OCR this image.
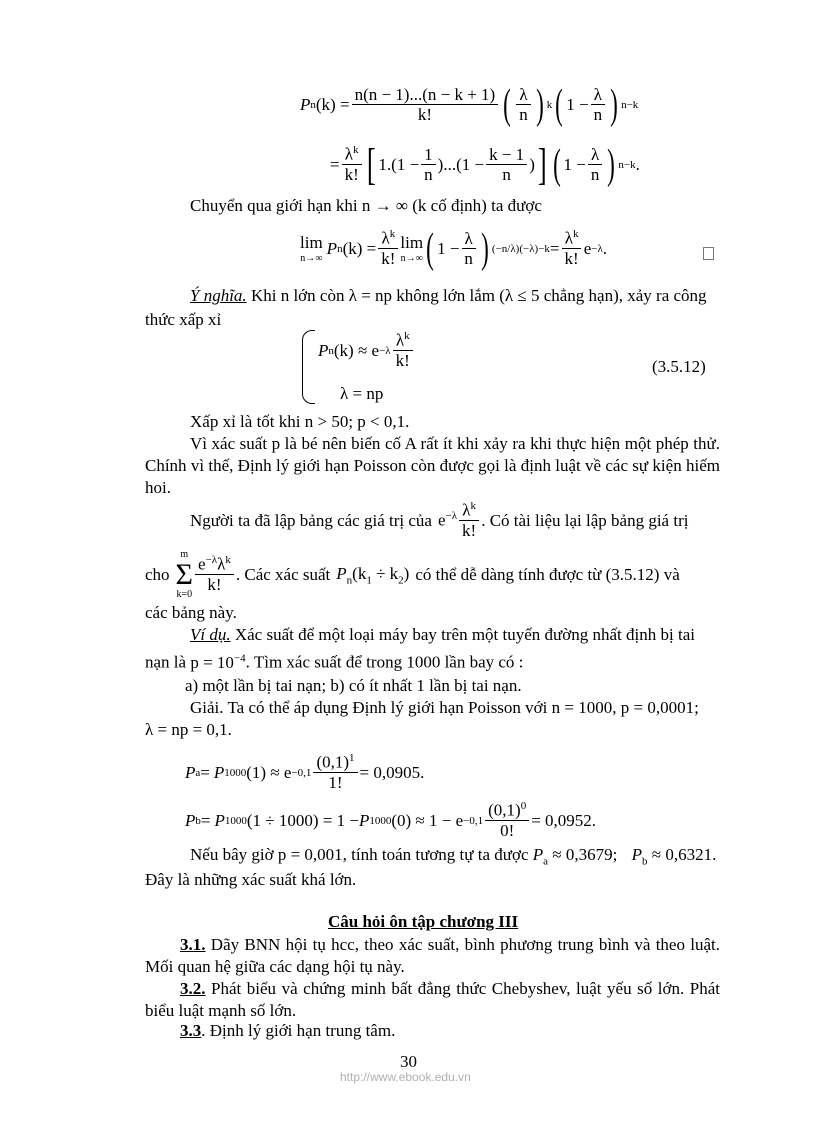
P n $(k) = \frac{n(n - 1)...(n - k + 1)}{k!}$ ( $\frac{\lambda}{n}$ ) k ( $1 - \frac{\lambda}{n}$ ) n−k
= $\frac{\lambda^k}{k!}$ [ $1.(1 - \frac{1}{n} )...(1 - \frac{k - 1}{n}$ ) ] ( $1 - \frac{\lambda}{n}$ ) n−k .
Chuyển qua giới hạn khi n → ∞ (k cố định) ta được
lim
n→∞
P n $(k) = \frac{\lambda^k}{k!}$ lim
n→∞ ( $1 - \frac{\lambda}{n}$ ) $(-n/\lambda)(-\lambda)-k = \frac{\lambda^k}{k!}$ e −λ .
Ý nghĩa. Khi n lớn còn λ = np không lớn lắm (λ ≤ 5 chẳng hạn), xảy ra công
thức xấp xỉ
P n $(k) \approx e -\lambda \frac{\lambda^k}{k!}$
λ = np
(3.5.12)
Xấp xỉ là tốt khi n > 50; p < 0,1.
Vì xác suất p là bé nên biến cố A rất ít khi xảy ra khi thực hiện một phép thử. Chính vì thế, Định lý giới hạn Poisson còn được gọi là định luật về các sự kiện hiếm hoi.
Người ta đã lập bảng các giá trị của $e^{-\lambda} \frac{\lambda^k}{k!}$ . Có tài liệu lại lập bảng giá trị
cho
m
Σ
$k=0 \frac{e^{-\lambda}\lambda^k}{k!}$ . Các xác suất $P_n(k_1 \div k_2)$ có thể dễ dàng tính được từ (3.5.12) và
các bảng này.
Ví dụ. Xác suất để một loại máy bay trên một tuyến đường nhất định bị tai
nạn là $p = 10^{-4}$. Tìm xác suất để trong 1000 lần bay có :
a) một lần bị tai nạn; b) có ít nhất 1 lần bị tai nạn.
Giải. Ta có thể áp dụng Định lý giới hạn Poisson với n = 1000, p = 0,0001;
λ = np = 0,1.
P a = P 1000 $(1) \approx e -0,1 \frac{(0,1)^1}{1!} = 0,0905$.
P b = P 1000 (1 ÷ 1000) = 1 − P 1000 $(0) \approx 1 - e -0,1 \frac{(0,1)^0}{0!} = 0,0952$.
Nếu bây giờ p = 0,001, tính toán tương tự ta được $P_a \approx 0,3679$; $P_b \approx 0,6321$.
Đây là những xác suất khá lớn.
Câu hỏi ôn tập chương III
3.1. Dãy BNN hội tụ hcc, theo xác suất, bình phương trung bình và theo luật. Mối quan hệ giữa các dạng hội tụ này.
3.2. Phát biểu và chứng minh bất đẳng thức Chebyshev, luật yếu số lớn. Phát biểu luật mạnh số lớn.
3.3. Định lý giới hạn trung tâm.
30
http://www.ebook.edu.vn
